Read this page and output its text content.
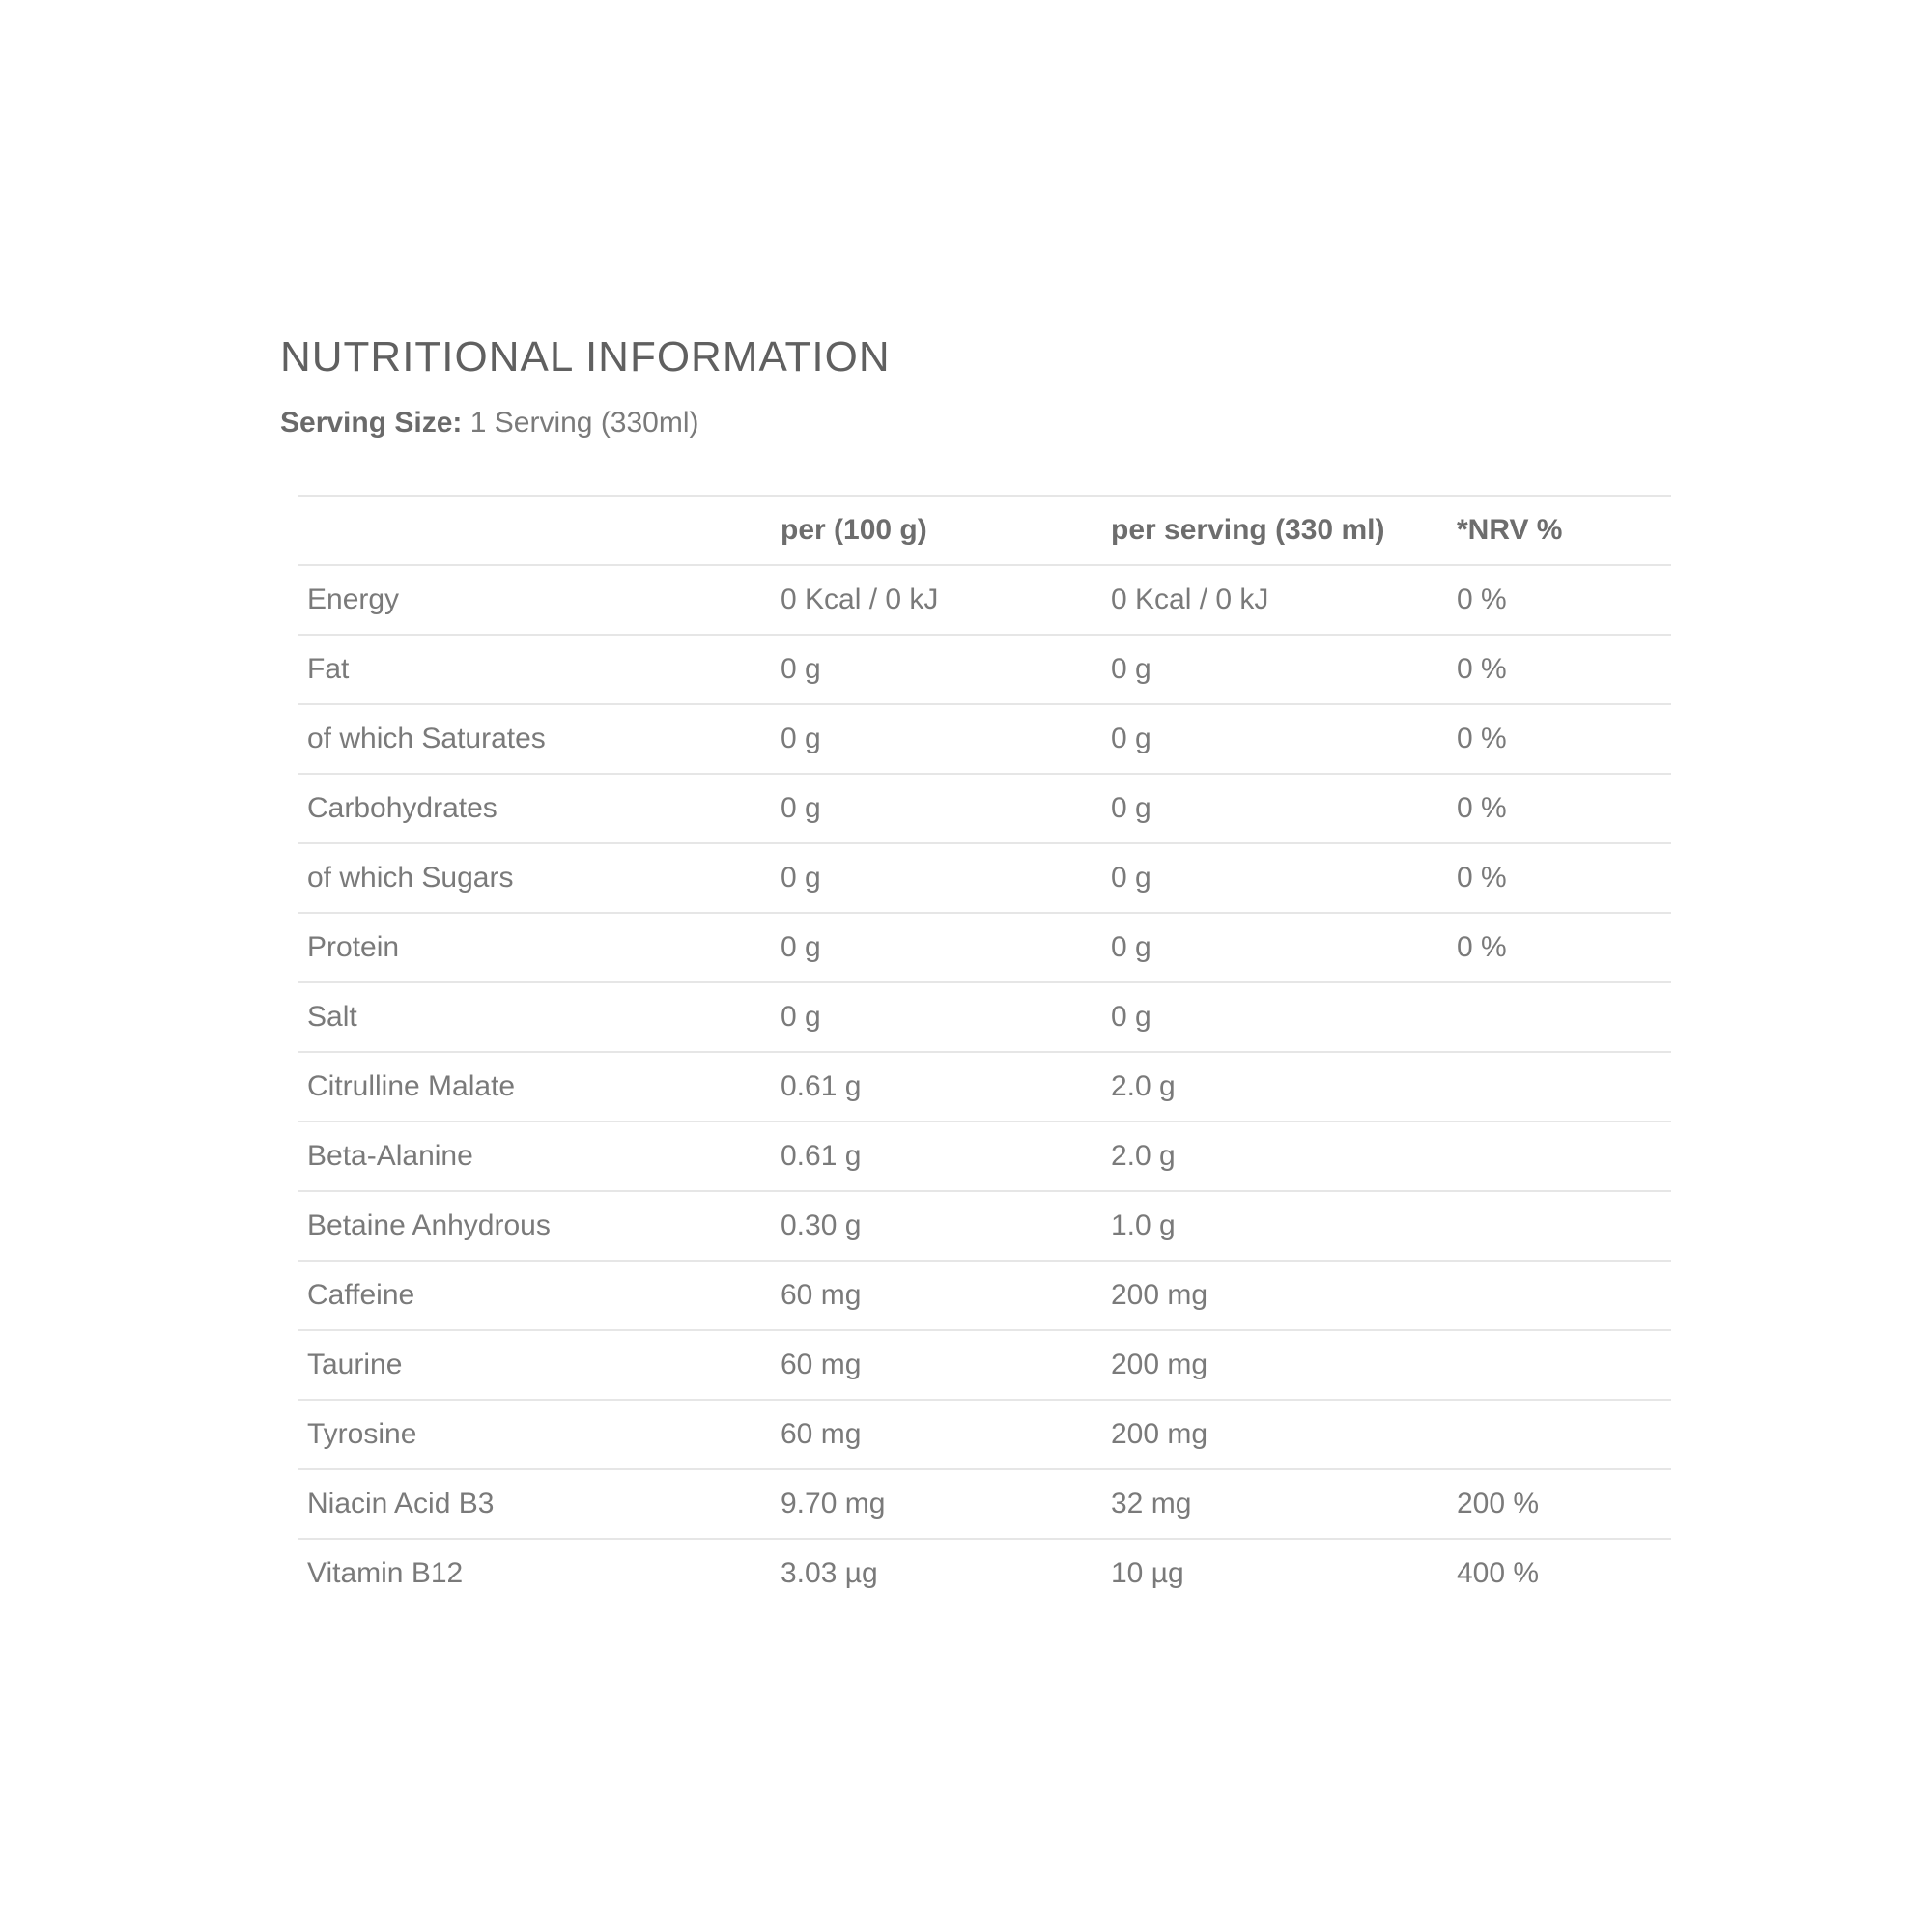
NUTRITIONAL INFORMATION
Serving Size: 1 Serving (330ml)
	per (100 g)	per serving (330 ml)	*NRV %
Energy	0 Kcal / 0 kJ	0 Kcal / 0 kJ	0 %
Fat	0 g	0 g	0 %
of which Saturates	0 g	0 g	0 %
Carbohydrates	0 g	0 g	0 %
of which Sugars	0 g	0 g	0 %
Protein	0 g	0 g	0 %
Salt	0 g	0 g	
Citrulline Malate	0.61 g	2.0 g	
Beta-Alanine	0.61 g	2.0 g	
Betaine Anhydrous	0.30 g	1.0 g	
Caffeine	60 mg	200 mg	
Taurine	60 mg	200 mg	
Tyrosine	60 mg	200 mg	
Niacin Acid B3	9.70 mg	32 mg	200 %
Vitamin B12	3.03 µg	10 µg	400 %
